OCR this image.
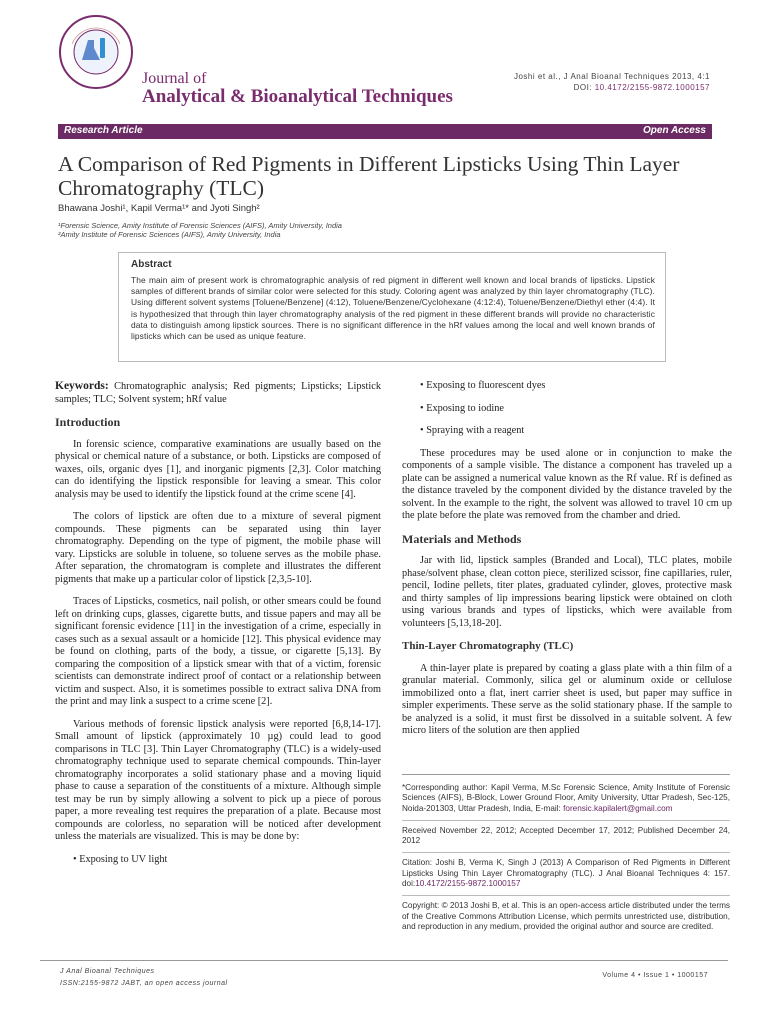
Journal of
Analytical & Bioanalytical Techniques
Joshi et al., J Anal Bioanal Techniques 2013, 4:1
DOI: 10.4172/2155-9872.1000157
Research Article	Open Access
A Comparison of Red Pigments in Different Lipsticks Using Thin Layer Chromatography (TLC)
Bhawana Joshi¹, Kapil Verma¹* and Jyoti Singh²
¹Forensic Science, Amity Institute of Forensic Sciences (AIFS), Amity University, India
²Amity Institute of Forensic Sciences (AIFS), Amity University, India
Abstract
The main aim of present work is chromatographic analysis of red pigment in different well known and local brands of lipsticks. Lipstick samples of different brands of similar color were selected for this study. Coloring agent was analyzed by thin layer chromatography (TLC). Using different solvent systems [Toluene/Benzene] (4:12), Toluene/Benzene/Cyclohexane (4:12:4), Toluene/Benzene/Diethyl ether (4:4). It is hypothesized that through thin layer chromatography analysis of the red pigment in these different brands will provide no characteristic data to distinguish among lipstick sources. There is no significant difference in the hRf values among the local and well known brands of lipsticks which can be used as unique feature.

Keywords: Chromatographic analysis; Red pigments; Lipsticks; Lipstick samples; TLC; Solvent system; hRf value

Introduction

In forensic science, comparative examinations are usually based on the physical or chemical nature of a substance, or both. Lipsticks are composed of waxes, oils, organic dyes [1], and inorganic pigments [2,3]. Color matching can do identifying the lipstick responsible for leaving a smear. This color analysis may be used to identify the lipstick found at the crime scene [4].

The colors of lipstick are often due to a mixture of several pigment compounds. These pigments can be separated using thin layer chromatography. Depending on the type of pigment, the mobile phase will vary. Lipsticks are soluble in toluene, so toluene serves as the mobile phase. After separation, the chromatogram is complete and illustrates the different pigments that make up a particular color of lipstick [2,3,5-10].

Traces of Lipsticks, cosmetics, nail polish, or other smears could be found left on drinking cups, glasses, cigarette butts, and tissue papers and may all be significant forensic evidence [11] in the investigation of a crime, especially in cases such as a sexual assault or a homicide [12]. This physical evidence may be found on clothing, parts of the body, a tissue, or cigarette [5,13]. By comparing the composition of a lipstick smear with that of a victim, forensic scientists can demonstrate indirect proof of contact or a relationship between victim and suspect. Also, it is sometimes possible to extract saliva DNA from the print and may link a suspect to a crime scene [2].

Various methods of forensic lipstick analysis were reported [6,8,14-17]. Small amount of lipstick (approximately 10 µg) could lead to good comparisons in TLC [3]. Thin Layer Chromatography (TLC) is a widely-used chromatography technique used to separate chemical compounds. Thin-layer chromatography incorporates a solid stationary phase and a moving liquid phase to cause a separation of the constituents of a mixture. Although simple test may be run by simply allowing a solvent to pick up a piece of porous paper, a more revealing test requires the preparation of a plate. Because most compounds are colorless, no separation will be noticed after development unless the materials are visualized. This is may be done by:

• Exposing to UV light
• Exposing to fluorescent dyes
• Exposing to iodine
• Spraying with a reagent

These procedures may be used alone or in conjunction to make the components of a sample visible. The distance a component has traveled up a plate can be assigned a numerical value known as the Rf value. Rf is defined as the distance traveled by the component divided by the distance traveled by the solvent. In the example to the right, the solvent was allowed to travel 10 cm up the plate before the plate was removed from the chamber and dried.

Materials and Methods

Jar with lid, lipstick samples (Branded and Local), TLC plates, mobile phase/solvent phase, clean cotton piece, sterilized scissor, fine capillaries, ruler, pencil, Iodine pellets, titer plates, graduated cylinder, gloves, protective mask and thirty samples of lip impressions bearing lipstick were obtained on cloth using various brands and types of lipsticks, which were available from volunteers [5,13,18-20].

Thin-Layer Chromatography (TLC)

A thin-layer plate is prepared by coating a glass plate with a thin film of a granular material. Commonly, silica gel or aluminum oxide or cellulose immobilized onto a flat, inert carrier sheet is used, but paper may suffice in simpler experiments. These serve as the solid stationary phase. If the sample to be analyzed is a solid, it must first be dissolved in a suitable solvent. A few micro liters of the solution are then applied

*Corresponding author: Kapil Verma, M.Sc Forensic Science, Amity Institute of Forensic Sciences (AIFS), B-Block, Lower Ground Floor, Amity University, Uttar Pradesh, Sec-125, Noida-201303, Uttar Pradesh, India, E-mail: forensic.kapilalert@gmail.com

Received November 22, 2012; Accepted December 17, 2012; Published December 24, 2012

Citation: Joshi B, Verma K, Singh J (2013) A Comparison of Red Pigments in Different Lipsticks Using Thin Layer Chromatography (TLC). J Anal Bioanal Techniques 4: 157. doi:10.4172/2155-9872.1000157

Copyright: © 2013 Joshi B, et al. This is an open-access article distributed under the terms of the Creative Commons Attribution License, which permits unrestricted use, distribution, and reproduction in any medium, provided the original author and source are credited.

J Anal Bioanal Techniques
ISSN:2155-9872 JABT, an open access journal
Volume 4 • Issue 1 • 1000157
